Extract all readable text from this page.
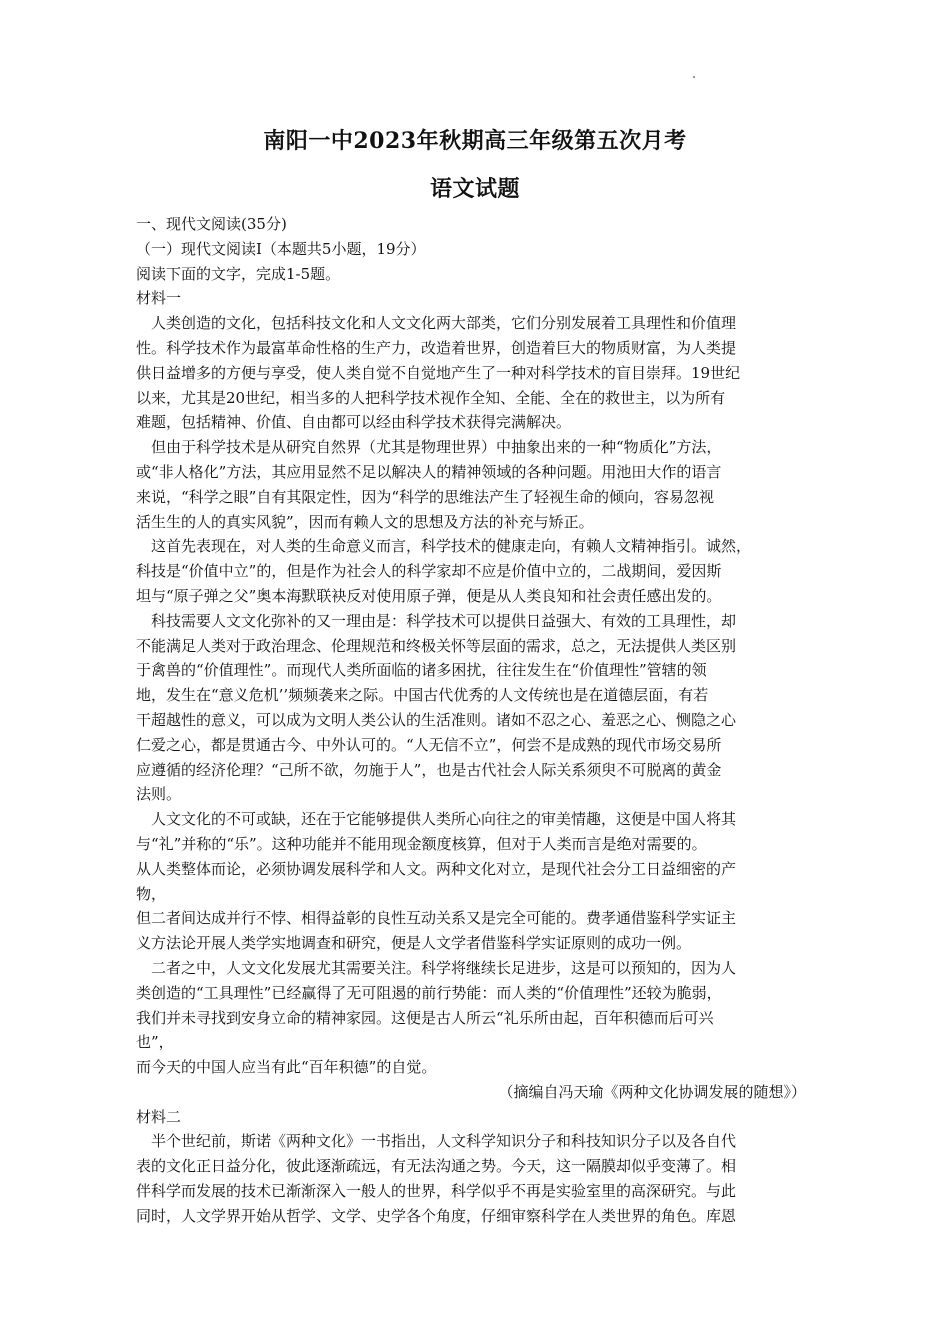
南阳一中2023年秋期高三年级第五次月考
语文试题
一、现代文阅读(35分)
（一）现代文阅读Ⅰ（本题共5小题，19分）
阅读下面的文字，完成1-5题。
材料一
人类创造的文化，包括科技文化和人文文化两大部类，它们分别发展着工具理性和价值理
性。科学技术作为最富革命性格的生产力，改造着世界，创造着巨大的物质财富，为人类提
供日益增多的方便与享受，使人类自觉不自觉地产生了一种对科学技术的盲目崇拜。19世纪
以来，尤其是20世纪，相当多的人把科学技术视作全知、全能、全在的救世主，以为所有
难题，包括精神、价值、自由都可以经由科学技术获得完满解决。
但由于科学技术是从研究自然界（尤其是物理世界）中抽象出来的一种“物质化”方法，
或“非人格化”方法，其应用显然不足以解决人的精神领域的各种问题。用池田大作的语言
来说，“科学之眼”自有其限定性，因为“科学的思维法产生了轻视生命的倾向，容易忽视
活生生的人的真实风貌”，因而有赖人文的思想及方法的补充与矫正。
这首先表现在，对人类的生命意义而言，科学技术的健康走向，有赖人文精神指引。诚然，
科技是“价值中立”的，但是作为社会人的科学家却不应是价值中立的，二战期间，爱因斯
坦与“原子弹之父”奥本海默联袂反对使用原子弹，便是从人类良知和社会责任感出发的。
科技需要人文文化弥补的又一理由是：科学技术可以提供日益强大、有效的工具理性，却
不能满足人类对于政治理念、伦理规范和终极关怀等层面的需求，总之，无法提供人类区别
于禽兽的“价值理性”。而现代人类所面临的诸多困扰，往往发生在“价值理性”管辖的领
地，发生在“意义危机’’频频袭来之际。中国古代优秀的人文传统也是在道德层面，有若
干超越性的意义，可以成为文明人类公认的生活准则。诸如不忍之心、羞恶之心、恻隐之心
仁爱之心，都是贯通古今、中外认可的。“人无信不立”，何尝不是成熟的现代市场交易所
应遵循的经济伦理？“己所不欲，勿施于人”，也是古代社会人际关系须臾不可脱离的黄金
法则。
人文文化的不可或缺，还在于它能够提供人类所心向往之的审美情趣，这便是中国人将其
与“礼”并称的“乐”。这种功能并不能用现金额度核算，但对于人类而言是绝对需要的。
从人类整体而论，必须协调发展科学和人文。两种文化对立，是现代社会分工日益细密的产
物，
但二者间达成并行不悖、相得益彰的良性互动关系又是完全可能的。费孝通借鉴科学实证主
义方法论开展人类学实地调查和研究，便是人文学者借鉴科学实证原则的成功一例。
二者之中，人文文化发展尤其需要关注。科学将继续长足进步，这是可以预知的，因为人
类创造的“工具理性”已经赢得了无可阻遏的前行势能：而人类的“价值理性”还较为脆弱，
我们并未寻找到安身立命的精神家园。这便是古人所云“礼乐所由起，百年积德而后可兴
也”，
而今天的中国人应当有此“百年积德”的自觉。
（摘编自冯天瑜《两种文化协调发展的随想》）
材料二
半个世纪前，斯诺《两种文化》一书指出，人文科学知识分子和科技知识分子以及各自代
表的文化正日益分化，彼此逐渐疏远，有无法沟通之势。今天，这一隔膜却似乎变薄了。相
伴科学而发展的技术已渐渐深入一般人的世界，科学似乎不再是实验室里的高深研究。与此
同时，人文学界开始从哲学、文学、史学各个角度，仔细审察科学在人类世界的角色。库恩
